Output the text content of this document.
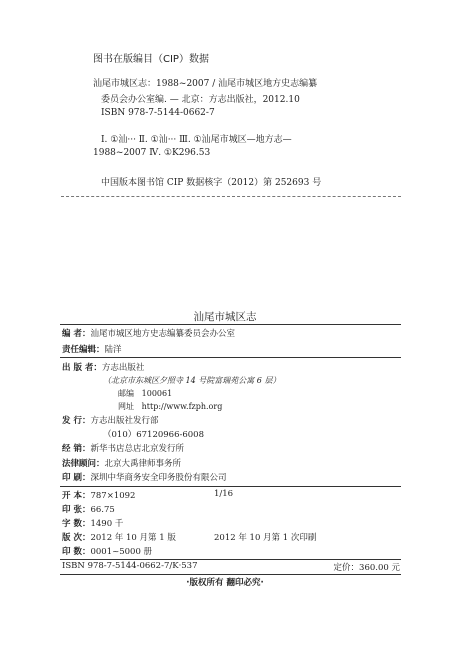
图书在版编目（CIP）数据
汕尾市城区志：1988~2007 / 汕尾市城区地方史志编纂
委员会办公室编. — 北京：方志出版社，2012.10
ISBN 978-7-5144-0662-7
Ⅰ. ①汕··· Ⅱ. ①汕··· Ⅲ. ①汕尾市城区—地方志—
1988~2007 Ⅳ. ①K296.53
中国版本图书馆 CIP 数据核字（2012）第 252693 号
汕尾市城区志
编 者：汕尾市城区地方史志编纂委员会办公室
责任编辑：陆洋
出 版 者：方志出版社
（北京市东城区夕照寺 14 号院富瑞苑公寓 6 层）
邮编 100061
网址 http://www.fzph.org
发 行：方志出版社发行部
（010）67120966-6008
经 销：新华书店总店北京发行所
法律顾问：北京大禹律师事务所
印 刷：深圳中华商务安全印务股份有限公司
开 本：787×1092	1/16
印 张：66.75
字 数：1490 千
版 次：2012 年 10 月第 1 版	2012 年 10 月第 1 次印刷
印 数：0001~5000 册
ISBN 978-7-5144-0662-7/K·537	定价：360.00 元
·版权所有 翻印必究·
